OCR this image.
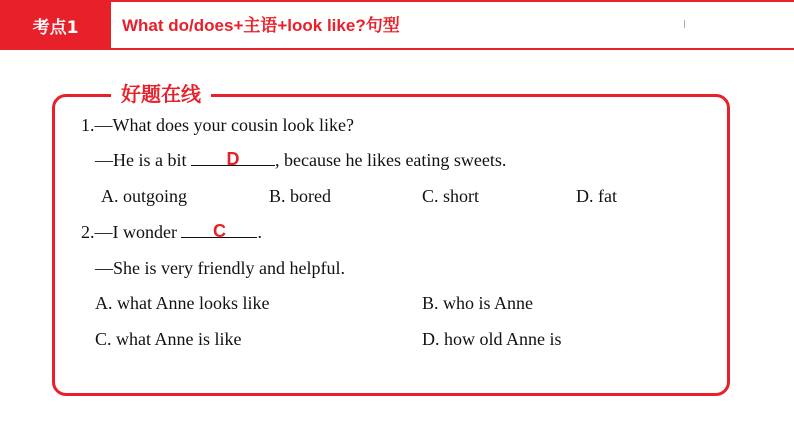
考点1	What do/does+主语+look like?句型
好题在线
1.—What does your cousin look like?
—He is a bit	D	, because he likes eating sweets.
A. outgoing	B. bored	C. short	D. fat
2.—I wonder	C	.
—She is very friendly and helpful.
A. what Anne looks like	B. who is Anne
C. what Anne is like	D. how old Anne is
